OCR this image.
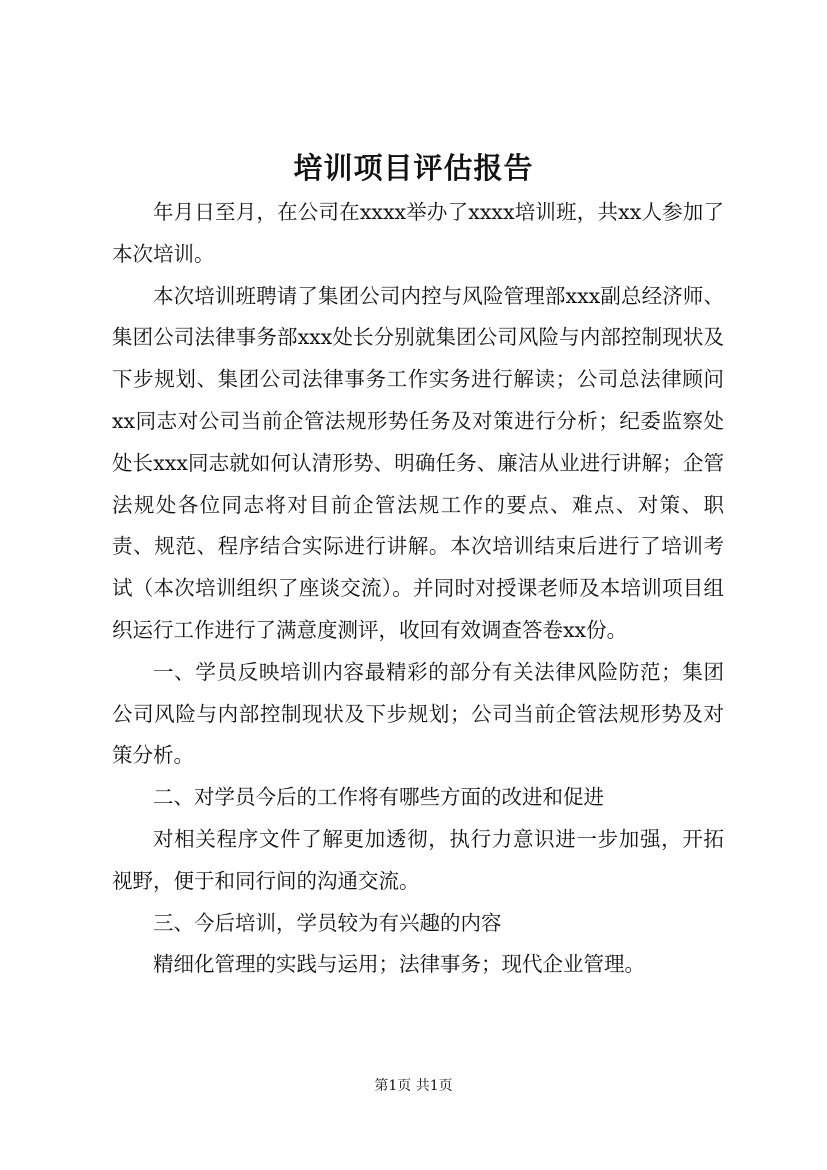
培训项目评估报告

年月日至月，在公司在xxxx举办了xxxx培训班，共xx人参加了本次培训。

本次培训班聘请了集团公司内控与风险管理部xxx副总经济师、集团公司法律事务部xxx处长分别就集团公司风险与内部控制现状及下步规划、集团公司法律事务工作实务进行解读；公司总法律顾问xx同志对公司当前企管法规形势任务及对策进行分析；纪委监察处处长xxx同志就如何认清形势、明确任务、廉洁从业进行讲解；企管法规处各位同志将对目前企管法规工作的要点、难点、对策、职责、规范、程序结合实际进行讲解。本次培训结束后进行了培训考试（本次培训组织了座谈交流）。并同时对授课老师及本培训项目组织运行工作进行了满意度测评，收回有效调查答卷xx份。

一、学员反映培训内容最精彩的部分有关法律风险防范；集团公司风险与内部控制现状及下步规划；公司当前企管法规形势及对策分析。

二、对学员今后的工作将有哪些方面的改进和促进

对相关程序文件了解更加透彻，执行力意识进一步加强，开拓视野，便于和同行间的沟通交流。

三、今后培训，学员较为有兴趣的内容

精细化管理的实践与运用；法律事务；现代企业管理。

第1页 共1页
